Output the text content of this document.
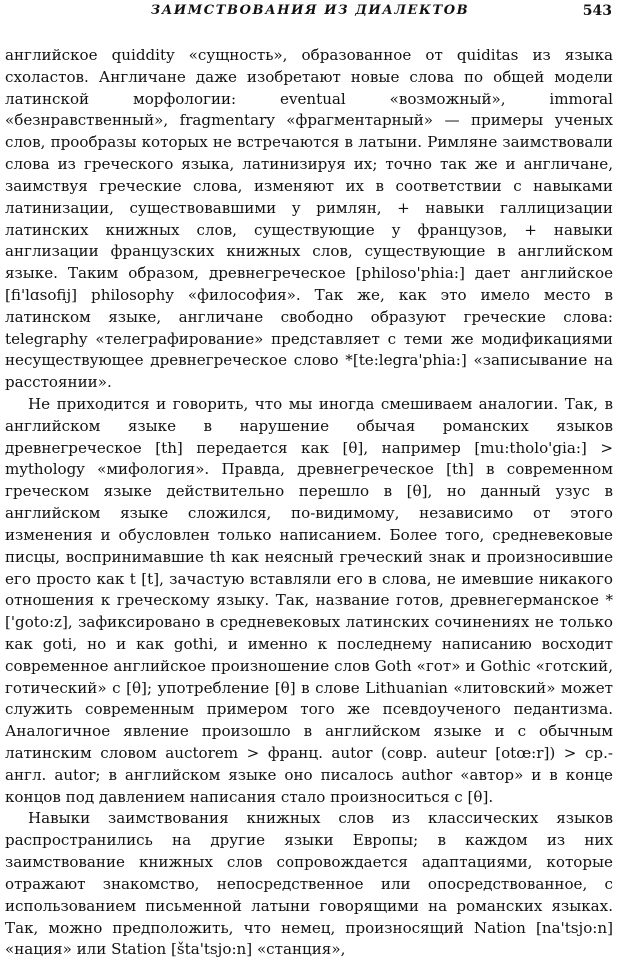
ЗАИМСТВОВАНИЯ ИЗ ДИАЛЕКТОВ	543

английское quiddity «сущность», образованное от quiditas из языка схоластов. Англичане даже изобретают новые слова по общей модели латинской морфологии: eventual «возможный», immoral «безнравственный», fragmentary «фрагментарный» — примеры ученых слов, прообразы которых не встречаются в латыни. Римляне заимствовали слова из греческого языка, латинизируя их; точно так же и англичане, заимствуя греческие слова, изменяют их в соответствии с навыками латинизации, существовавшими у римлян, + навыки галлицизации латинских книжных слов, существующие у французов, + навыки англизации французских книжных слов, существующие в английском языке. Таким образом, древнегреческое [philoso'phia:] дает английское [fi'lɑsofij] philosophy «философия». Так же, как это имело место в латинском языке, англичане свободно образуют греческие слова: telegraphy «телеграфирование» представляет с теми же модификациями несуществующее древнегреческое слово *[te:legra'phia:] «записывание на расстоянии».

Не приходится и говорить, что мы иногда смешиваем аналогии. Так, в английском языке в нарушение обычая романских языков древнегреческое [th] передается как [θ], например [mu:tholo'gia:] > mythology «мифология». Правда, древнегреческое [th] в современном греческом языке действительно перешло в [θ], но данный узус в английском языке сложился, по-видимому, независимо от этого изменения и обусловлен только написанием. Более того, средневековые писцы, воспринимавшие th как неясный греческий знак и произносившие его просто как t [t], зачастую вставляли его в слова, не имевшие никакого отношения к греческому языку. Так, название готов, древнегерманское *['goto:z], зафиксировано в средневековых латинских сочинениях не только как goti, но и как gothi, и именно к последнему написанию восходит современное английское произношение слов Goth «гот» и Gothic «готский, готический» с [θ]; употребление [θ] в слове Lithuanian «литовский» может служить современным примером того же псевдоученого педантизма. Аналогичное явление произошло в английском языке и с обычным латинским словом auctorem > франц. autor (совр. auteur [otœ:r]) > ср.-англ. autor; в английском языке оно писалось author «автор» и в конце концов под давлением написания стало произноситься с [θ].

Навыки заимствования книжных слов из классических языков распространились на другие языки Европы; в каждом из них заимствование книжных слов сопровождается адаптациями, которые отражают знакомство, непосредственное или опосредствованное, с использованием письменной латыни говорящими на романских языках. Так, можно предположить, что немец, произносящий Nation [na'tsjo:n] «нация» или Station [šta'tsjo:n] «станция»,
